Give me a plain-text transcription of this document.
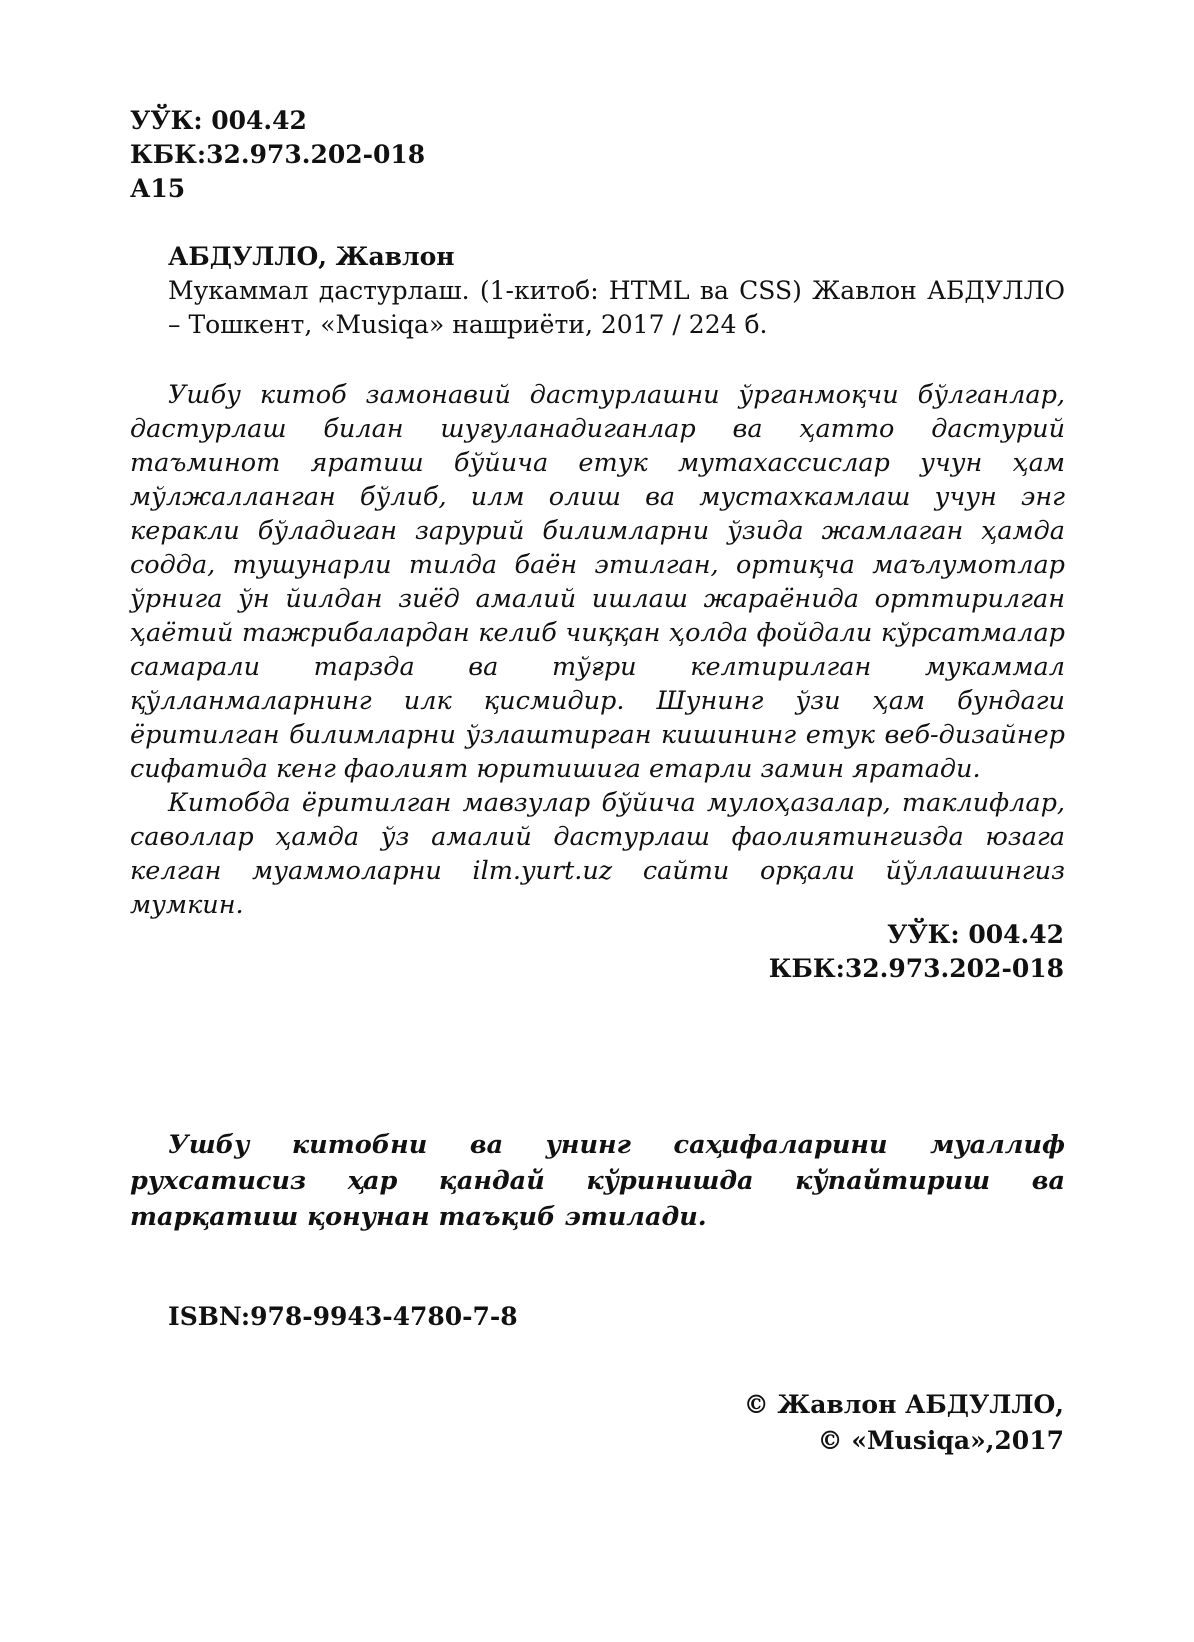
УЎК: 004.42
КБК:32.973.202-018
А15
АБДУЛЛО, Жавлон
Мукаммал дастурлаш. (1-китоб: HTML ва CSS) Жавлон АБДУЛЛО
– Тошкент, «Musiqa» нашриёти, 2017 / 224 б.

Ушбу китоб замонавий дастурлашни ўрганмоқчи бўлганлар, дастурлаш билан шуғуланадиганлар ва ҳатто дастурий таъминот яратиш бўйича етук мутахассислар учун ҳам мўлжалланган бўлиб, илм олиш ва мустахкамлаш учун энг керакли бўладиган зарурий билимларни ўзида жамлаган ҳамда содда, тушунарли тилда баён этилган, ортиқча маълумотлар ўрнига ўн йилдан зиёд амалий ишлаш жараёнида орттирилган ҳаётий тажрибалардан келиб чиққан ҳолда фойдали кўрсатмалар самарали тарзда ва тўғри келтирилган мукаммал қўлланмаларнинг илк қисмидир. Шунинг ўзи ҳам бундаги ёритилган билимларни ўзлаштирган кишининг етук веб-дизайнер сифатида кенг фаолият юритишига етарли замин яратади.

Китобда ёритилган мавзулар бўйича мулоҳазалар, таклифлар, саволлар ҳамда ўз амалий дастурлаш фаолиятингизда юзага келган муаммоларни ilm.yurt.uz сайти орқали йўллашингиз мумкин.

УЎК: 004.42
КБК:32.973.202-018
Ушбу китобни ва унинг саҳифаларини муаллиф рухсатисиз ҳар қандай кўринишда кўпайтириш ва тарқатиш қонунан таъқиб этилади.
ISBN:978-9943-4780-7-8
© Жавлон АБДУЛЛО,
© «Musiqa»,2017
